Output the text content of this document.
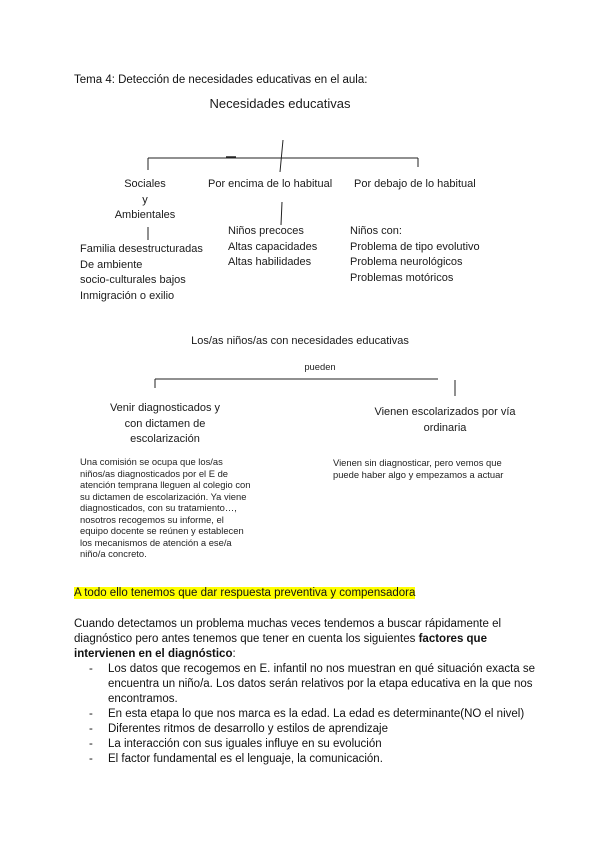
Tema 4: Detección de necesidades educativas en el aula:
Necesidades educativas
Sociales
y
Ambientales
Familia desestructuradas
De ambiente
socio-culturales bajos
Inmigración o exilio
Por encima de lo habitual
Niños precoces
Altas capacidades
Altas habilidades
Por debajo de lo habitual
Niños con:
Problema de tipo evolutivo
Problema neurológicos
Problemas motóricos
Los/as niños/as con necesidades educativas
pueden
Venir diagnosticados y
con dictamen de
escolarización
Una comisión se ocupa que los/as
niños/as diagnosticados por el E de
atención temprana lleguen al colegio con
su dictamen de escolarización. Ya viene
diagnosticados, con su tratamiento…,
nosotros recogemos su informe, el
equipo docente se reúnen y establecen
los mecanismos de atención a ese/a
niño/a concreto.
Vienen escolarizados por vía
ordinaria
Vienen sin diagnosticar, pero vemos que
puede haber algo y empezamos a actuar
A todo ello tenemos que dar respuesta preventiva y compensadora
Cuando detectamos un problema muchas veces tendemos a buscar rápidamente el
diagnóstico pero antes tenemos que tener en cuenta los siguientes factores que
intervienen en el diagnóstico:
- Los datos que recogemos en E. infantil no nos muestran en qué situación exacta se
encuentra un niño/a. Los datos serán relativos por la etapa educativa en la que nos
encontramos.
- En esta etapa lo que nos marca es la edad. La edad es determinante(NO el nivel)
- Diferentes ritmos de desarrollo y estilos de aprendizaje
- La interacción con sus iguales influye en su evolución
- El factor fundamental es el lenguaje, la comunicación.
